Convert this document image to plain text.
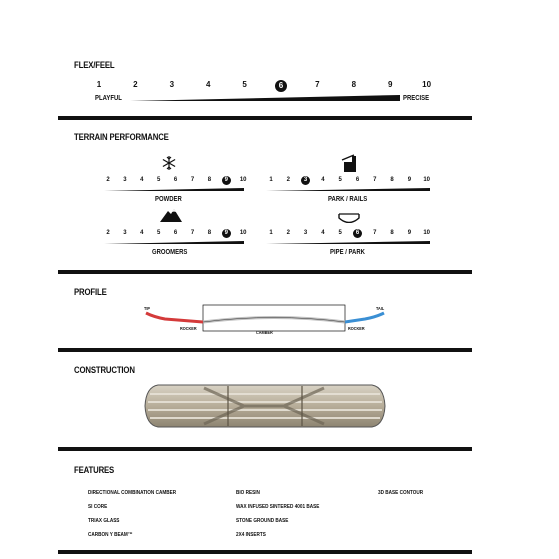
FLEX/FEEL
1	2	3	4	5	6	7	8	9	10
PLAYFUL	PRECISE
TERRAIN PERFORMANCE
2	3	4	5	6	7	8	9	10
POWDER
1	2	3	4	5	6	7	8	9	10
PARK / RAILS
2	3	4	5	6	7	8	9	10
GROOMERS
1	2	3	4	5	6	7	8	9	10
PIPE / PARK
PROFILE
TIP	TAIL
ROCKER
CAMBER
ROCKER
CONSTRUCTION
FEATURES
DIRECTIONAL COMBINATION CAMBER
SI CORE
TRIAX GLASS
CARBON Y BEAM™
BIO RESIN
WAX INFUSED SINTERED 4001 BASE
STONE GROUND BASE
2X4 INSERTS
3D BASE CONTOUR
